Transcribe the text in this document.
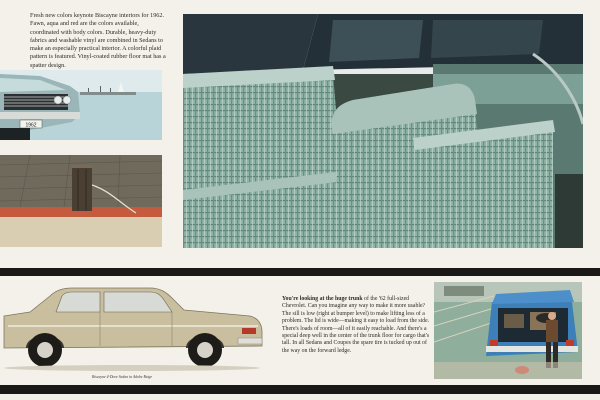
Fresh new colors keynote Biscayne interiors for 1962. Fawn, aqua and red are the colors available, coordinated with body colors. Durable, heavy-duty fabrics and washable vinyl are combined in Sedans to make an especially practical interior. A colorful plaid pattern is featured. Vinyl-coated rubber floor mat has a spatter design.
1962
Biscayne 4-Door Sedan in Adobe Beige
You're looking at the huge trunk of the '62 full-sized Chevrolet. Can you imagine any way to make it more usable? The sill is low (right at bumper level) to make lifting less of a problem. The lid is wide—making it easy to load from the side. There's loads of room—all of it easily reachable. And there's a special deep well in the center of the trunk floor for cargo that's tall. In all Sedans and Coupes the spare tire is tucked up out of the way on the forward ledge.
